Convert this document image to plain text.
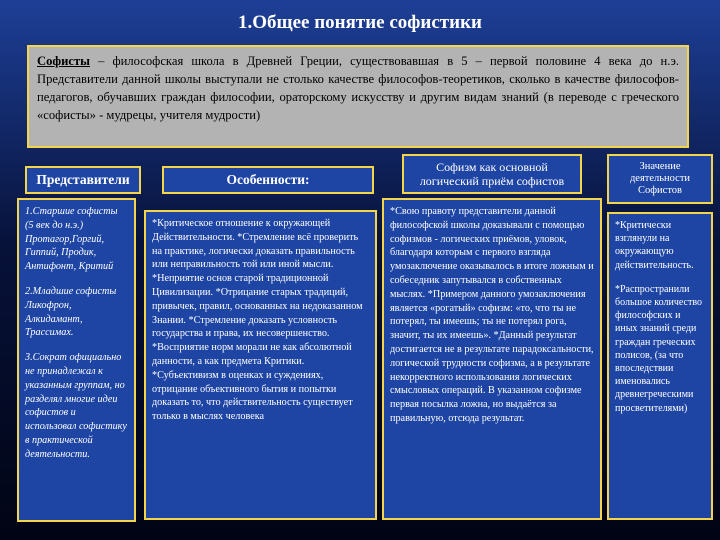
1.Общее понятие софистики
Софисты – философская школа в Древней Греции, существовавшая в 5 – первой половине 4 века до н.э. Представители данной школы выступали не столько качестве философов-теоретиков, сколько в качестве философов-педагогов, обучавших граждан философии, ораторскому искусству и другим видам знаний (в переводе с греческого «софисты» - мудрецы, учителя мудрости)
Представители	Особенности:
Софизм как основной логический приём софистов
Значение деятельности Софистов

1.Старшие софисты (5 век до н.э.) Протагор,Горгий, Гиппий, Продик, Антифонт, Критий

2.Младшие софисты Ликофрон, Алкидамант, Трассимах.

3.Сократ официально не принадлежал к указанным группам, но разделял многие идеи софистов и использовал софистику в практической деятельности.

*Критическое отношение к окружающей Действительности. *Стремление всё проверить на практике, логически доказать правильность или неправильность той или иной мысли. *Неприятие основ старой традиционной Цивилизации. *Отрицание старых традиций, привычек, правил, основанных на недоказанном Знании. *Стремление доказать условность государства и права, их несовершенство. *Восприятие норм морали не как абсолютной данности, а как предмета Критики. *Субъективизм в оценках и суждениях, отрицание объективного бытия и попытки доказать то, что действительность существует только в мыслях человека
*Свою правоту представители данной философской школы доказывали с помощью софизмов - логических приёмов, уловок, благодаря которым с первого взгляда умозаключение оказывалось в итоге ложным и собеседник запутывался в собственных мыслях. *Примером данного умозаключения является «рогатый» софизм: «то, что ты не потерял, ты имеешь; ты не потерял рога, значит, ты их имеешь». *Данный результат достигается не в результате парадоксальности, логической трудности софизма, а в результате некорректного использования логических смысловых операций. В указанном софизме первая посылка ложна, но выдаётся за правильную, отсюда результат.

*Критически взглянули на окружающую действительность.

*Распространили большое количество философских и иных знаний среди граждан греческих полисов, (за что впоследствии именовались древнегреческими просветителями)
